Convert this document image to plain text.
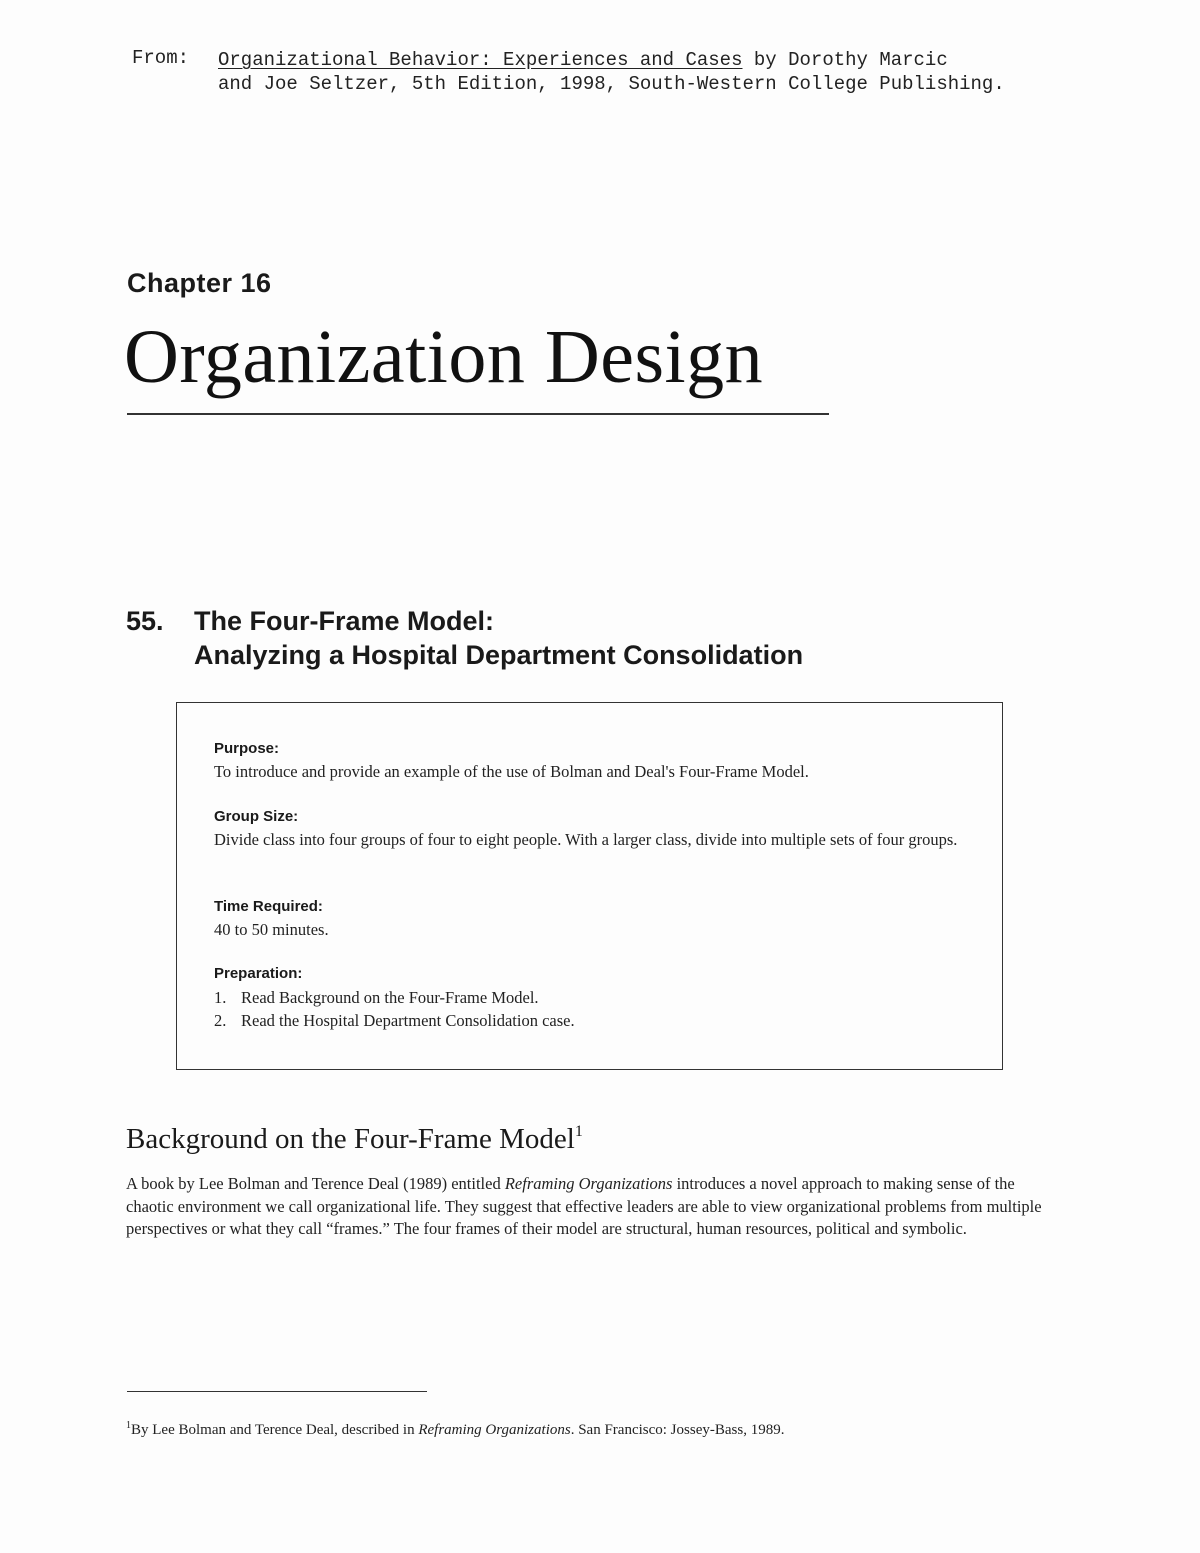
From:

Organizational Behavior: Experiences and Cases by Dorothy Marcic

and Joe Seltzer, 5th Edition, 1998, South-Western College Publishing.

Chapter 16
Organization Design
55. The Four-Frame Model:
Analyzing a Hospital Department Consolidation

Purpose:

To introduce and provide an example of the use of Bolman and Deal's Four-Frame Model.

Group Size:

Divide class into four groups of four to eight people. With a larger class, divide into multiple sets of four groups.

Time Required:

40 to 50 minutes.

Preparation:

1. Read Background on the Four-Frame Model.
2. Read the Hospital Department Consolidation case.
Background on the Four-Frame Model$^1$

A book by Lee Bolman and Terence Deal (1989) entitled Reframing Organizations introduces a novel approach to making sense of the chaotic environment we call organizational life. They suggest that effective leaders are able to view organizational problems from multiple perspectives or what they call “frames.” The four frames of their model are structural, human resources, political and symbolic.

$^1$By Lee Bolman and Terence Deal, described in Reframing Organizations. San Francisco: Jossey-Bass, 1989.
